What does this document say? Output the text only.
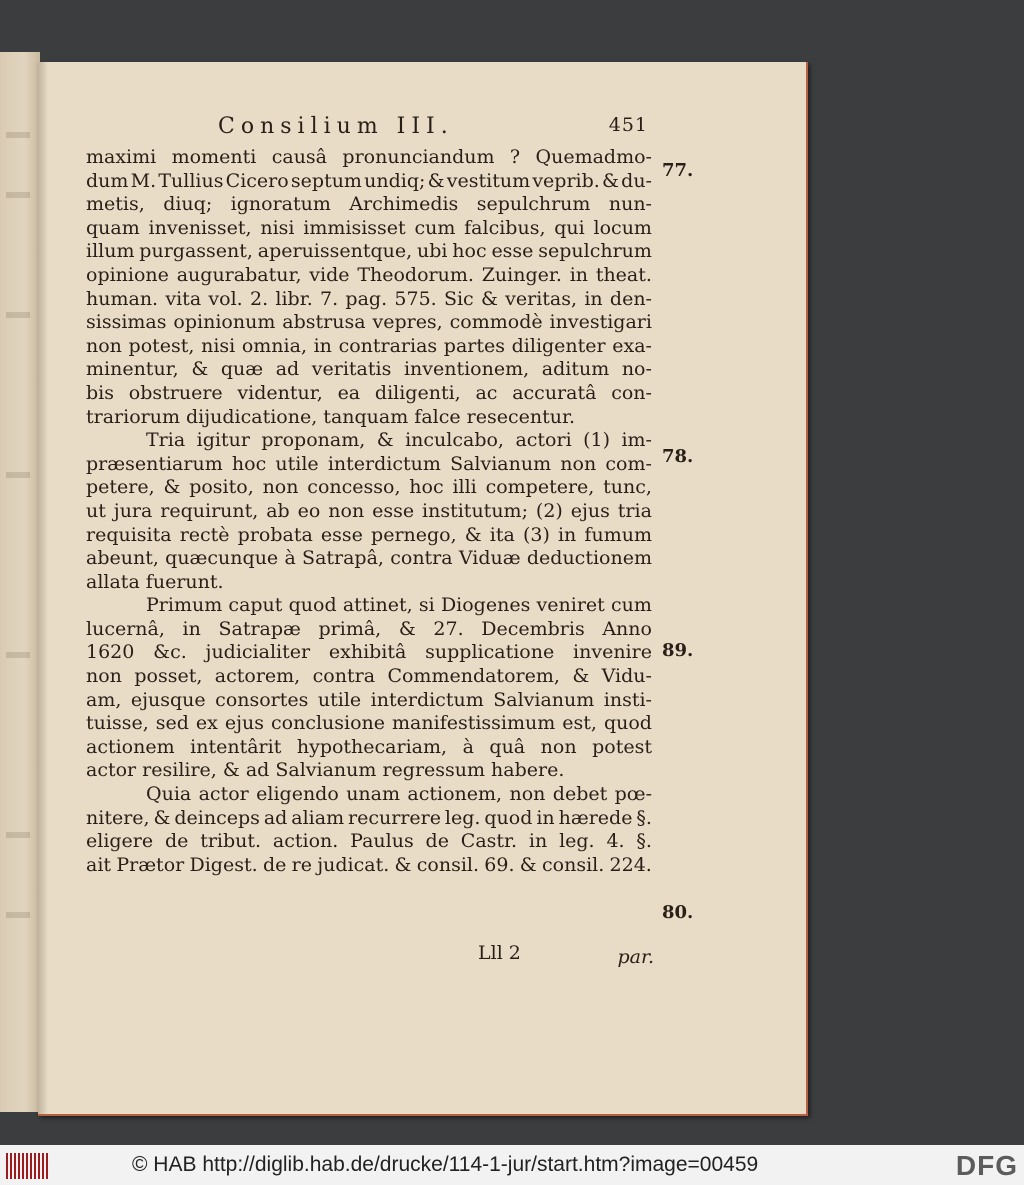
Consilium III.	451
maximi momenti causâ pronunciandum ? Quemadmo-
dum M. Tullius Cicero septum undiq; & vestitum veprib. & du-
metis, diuq; ignoratum Archimedis sepulchrum nun-
quam invenisset, nisi immisisset cum falcibus, qui locum
illum purgassent, aperuissentque, ubi hoc esse sepulchrum
opinione augurabatur, vide Theodorum. Zuinger. in theat.
human. vita vol. 2. libr. 7. pag. 575. Sic & veritas, in den-
sissimas opinionum abstrusa vepres, commodè investigari
non potest, nisi omnia, in contrarias partes diligenter exa-
minentur, & quæ ad veritatis inventionem, aditum no-
bis obstruere videntur, ea diligenti, ac accuratâ con-
trariorum dijudicatione, tanquam falce resecentur.
Tria igitur proponam, & inculcabo, actori (1) im-
præsentiarum hoc utile interdictum Salvianum non com-
petere, & posito, non concesso, hoc illi competere, tunc,
ut jura requirunt, ab eo non esse institutum; (2) ejus tria
requisita rectè probata esse pernego, & ita (3) in fumum
abeunt, quæcunque à Satrapâ, contra Viduæ deductionem
allata fuerunt.
Primum caput quod attinet, si Diogenes veniret cum
lucernâ, in Satrapæ primâ, & 27. Decembris Anno
1620 &c. judicialiter exhibitâ supplicatione invenire
non posset, actorem, contra Commendatorem, & Vidu-
am, ejusque consortes utile interdictum Salvianum insti-
tuisse, sed ex ejus conclusione manifestissimum est, quod
actionem intentârit hypothecariam, à quâ non potest
actor resilire, & ad Salvianum regressum habere.
Quia actor eligendo unam actionem, non debet pœ-
nitere, & deinceps ad aliam recurrere leg. quod in hærede §.
eligere de tribut. action. Paulus de Castr. in leg. 4. §.
ait Prætor Digest. de re judicat. & consil. 69. & consil. 224.
77.
78.
89.
80.
Lll 2	par.
© HAB http://diglib.hab.de/drucke/114-1-jur/start.htm?image=00459	DFG
